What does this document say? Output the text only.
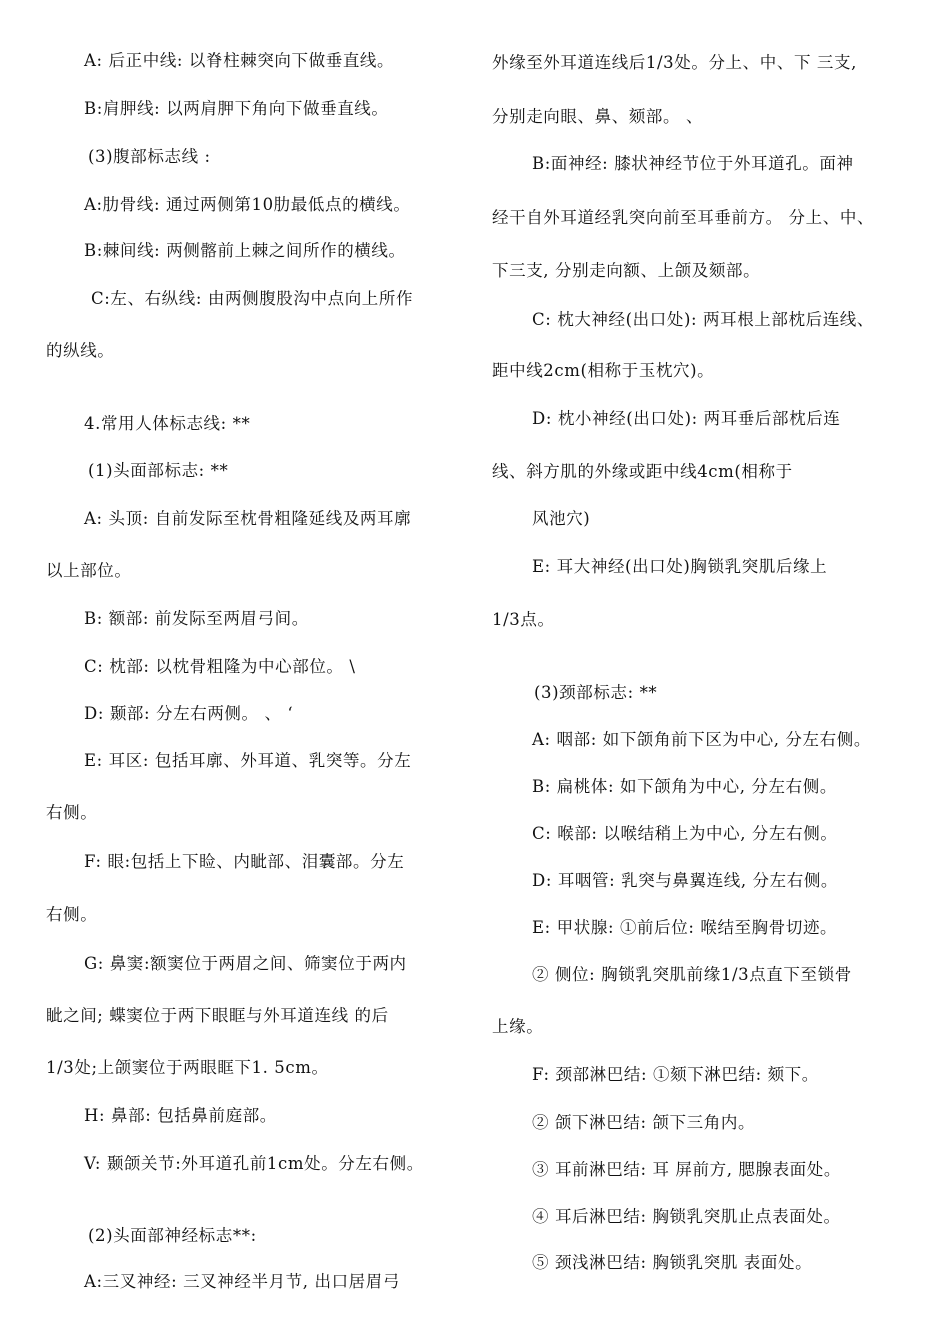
A: 后正中线: 以脊柱棘突向下做垂直线。
B:肩胛线: 以两肩胛下角向下做垂直线。
(3)腹部标志线 :
A:肋骨线: 通过两侧第10肋最低点的横线。
B:棘间线: 两侧髂前上棘之间所作的横线。
C:左、右纵线: 由两侧腹股沟中点向上所作
的纵线。
4.常用人体标志线: **
(1)头面部标志: **
A: 头顶: 自前发际至枕骨粗隆延线及两耳廓
以上部位。
B: 额部: 前发际至两眉弓间。
C: 枕部: 以枕骨粗隆为中心部位。 \
D: 颞部: 分左右两侧。 、 ‘
E: 耳区: 包括耳廓、外耳道、乳突等。分左
右侧。
F: 眼:包括上下睑、内眦部、泪囊部。分左
右侧。
G: 鼻窦:额窦位于两眉之间、筛窦位于两内
眦之间; 蝶窦位于两下眼眶与外耳道连线 的后
1/3处;上颌窦位于两眼眶下1. 5cm。
H: 鼻部: 包括鼻前庭部。
V: 颞颌关节:外耳道孔前1cm处。分左右侧。
(2)头面部神经标志**:
A:三叉神经: 三叉神经半月节, 出口居眉弓
外缘至外耳道连线后1/3处。分上、中、下 三支,
分别走向眼、鼻、颏部。 、
B:面神经: 膝状神经节位于外耳道孔。面神
经干自外耳道经乳突向前至耳垂前方。 分上、中、
下三支, 分别走向额、上颌及颏部。
C: 枕大神经(出口处): 两耳根上部枕后连线、
距中线2cm(相称于玉枕穴)。
D: 枕小神经(出口处): 两耳垂后部枕后连
线、斜方肌的外缘或距中线4cm(相称于
风池穴)
E: 耳大神经(出口处)胸锁乳突肌后缘上
1/3点。
(3)颈部标志: **
A: 咽部: 如下颌角前下区为中心, 分左右侧。
B: 扁桃体: 如下颌角为中心, 分左右侧。
C: 喉部: 以喉结稍上为中心, 分左右侧。
D: 耳咽管: 乳突与鼻翼连线, 分左右侧。
E: 甲状腺: ①前后位: 喉结至胸骨切迹。
② 侧位: 胸锁乳突肌前缘1/3点直下至锁骨
上缘。
F: 颈部淋巴结: ①颏下淋巴结: 颏下。
② 颌下淋巴结: 颌下三角内。
③ 耳前淋巴结: 耳 屏前方, 腮腺表面处。
④ 耳后淋巴结: 胸锁乳突肌止点表面处。
⑤ 颈浅淋巴结: 胸锁乳突肌 表面处。
